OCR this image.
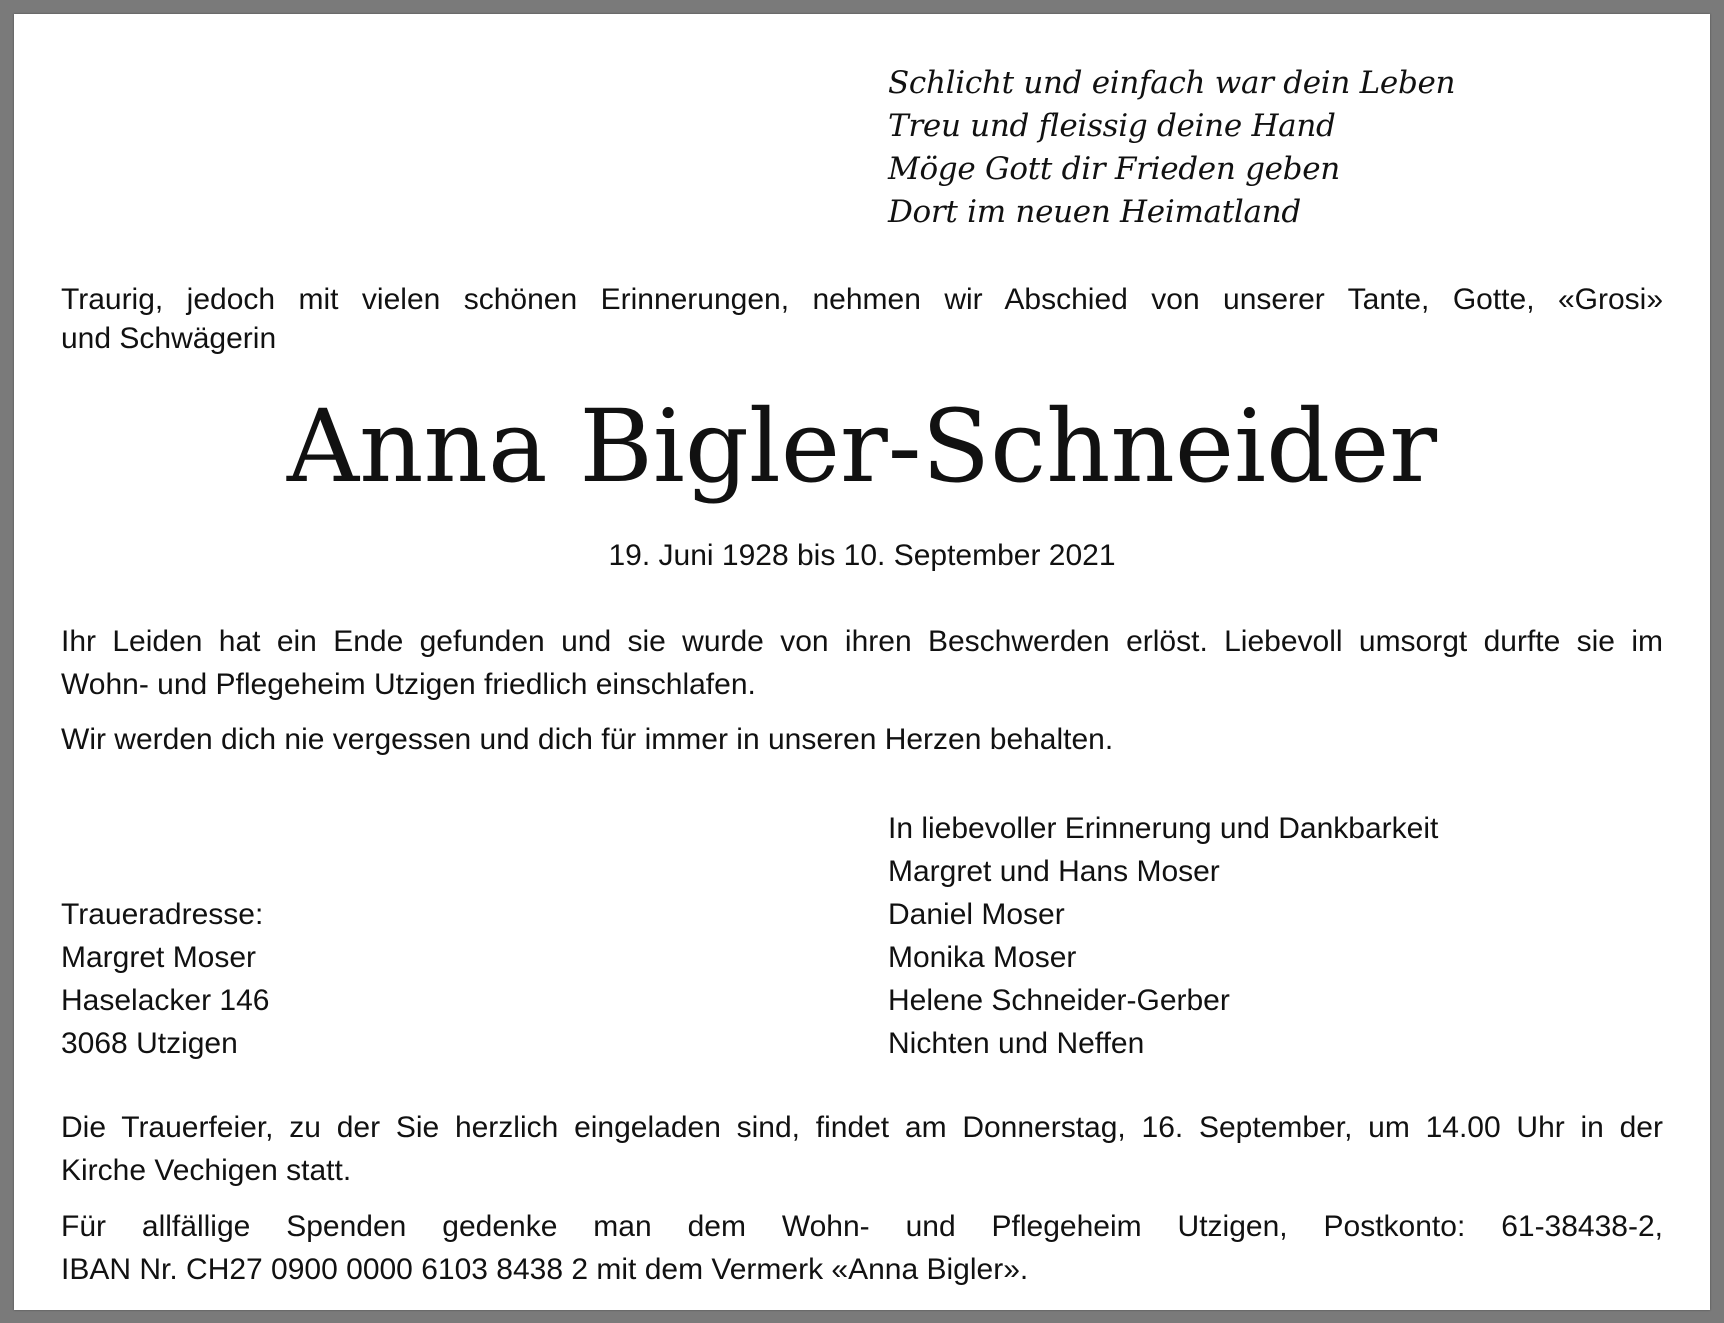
Schlicht und einfach war dein Leben
Treu und fleissig deine Hand
Möge Gott dir Frieden geben
Dort im neuen Heimatland
Traurig, jedoch mit vielen schönen Erinnerungen, nehmen wir Abschied von unserer Tante, Gotte, «Grosi»
und Schwägerin
Anna Bigler-Schneider
19. Juni 1928 bis 10. September 2021
Ihr Leiden hat ein Ende gefunden und sie wurde von ihren Beschwerden erlöst. Liebevoll umsorgt durfte sie im
Wohn- und Pflegeheim Utzigen friedlich einschlafen.
Wir werden dich nie vergessen und dich für immer in unseren Herzen behalten.
In liebevoller Erinnerung und Dankbarkeit
Margret und Hans Moser
Daniel Moser
Monika Moser
Helene Schneider-Gerber
Nichten und Neffen
Traueradresse:
Margret Moser
Haselacker 146
3068 Utzigen
Die Trauerfeier, zu der Sie herzlich eingeladen sind, findet am Donnerstag, 16. September, um 14.00 Uhr in der
Kirche Vechigen statt.
Für allfällige Spenden gedenke man dem Wohn- und Pflegeheim Utzigen, Postkonto: 61-38438-2,
IBAN Nr. CH27 0900 0000 6103 8438 2 mit dem Vermerk «Anna Bigler».
